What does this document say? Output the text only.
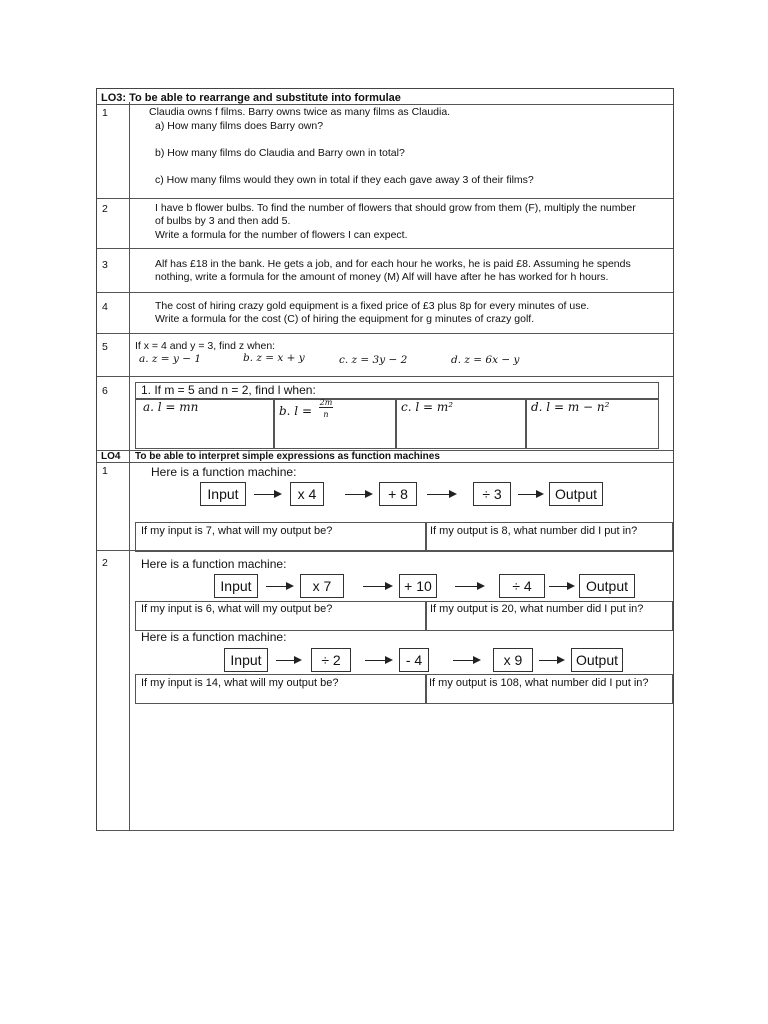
LO3: To be able to rearrange and substitute into formulae
1	Claudia owns f films. Barry owns twice as many films as Claudia.
a) How many films does Barry own?
b) How many films do Claudia and Barry own in total?
c) How many films would they own in total if they each gave away 3 of their films?
2	I have b flower bulbs. To find the number of flowers that should grow from them (F), multiply the number
of bulbs by 3 and then add 5.
Write a formula for the number of flowers I can expect.
3	Alf has £18 in the bank. He gets a job, and for each hour he works, he is paid £8. Assuming he spends
nothing, write a formula for the amount of money (M) Alf will have after he has worked for h hours.
4	The cost of hiring crazy gold equipment is a fixed price of £3 plus 8p for every minutes of use.
Write a formula for the cost (C) of hiring the equipment for g minutes of crazy golf.
5	If x = 4 and y = 3, find z when:
a. z = y − 1	b. z = x + y	c. z = 3y − 2	d. z = 6x − y
6	1. If m = 5 and n = 2, find l when:
a. l = mn	b. l =
2m
n
c. l = m²	d. l = m − n²
LO4 To be able to interpret simple expressions as function machines
1	Here is a function machine:
Input	x 4	+ 8	÷ 3	Output
If my input is 7, what will my output be?	If my output is 8, what number did I put in?
2	Here is a function machine:
Input	x 7	+ 10	÷ 4	Output
If my input is 6, what will my output be?	If my output is 20, what number did I put in?
Here is a function machine:
Input	÷ 2	- 4	x 9	Output
If my input is 14, what will my output be?	If my output is 108, what number did I put in?
